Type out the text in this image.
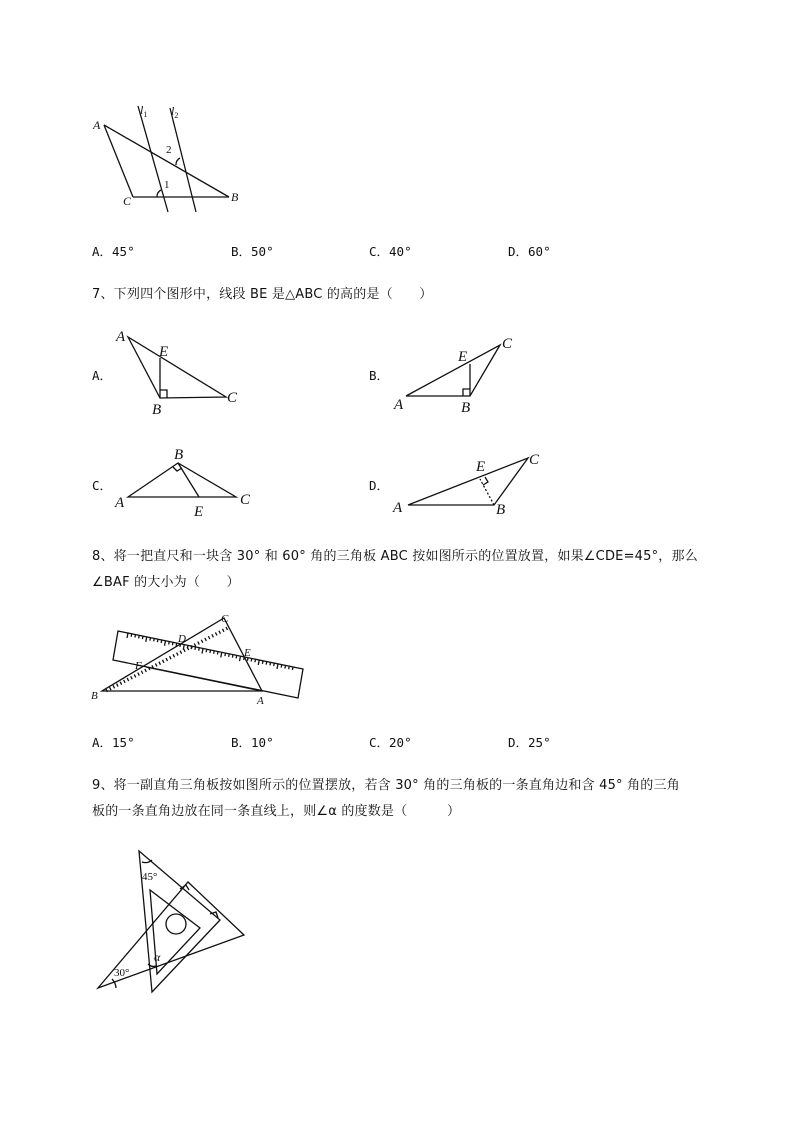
A
B
C
$l_1$ $l_2$
1
2
A．45°	B．50°	C．40°	D．60°
7、下列四个图形中，线段 BE 是△ABC 的高的是（　　）
A．
A
E
B
C
B．
A
E
B
C
C．
A
B
C
E
D．
A
E
B
C
8、将一把直尺和一块含 30° 和 60° 角的三角板 ABC 按如图所示的位置放置，如果∠CDE=45°，那么
∠BAF 的大小为（　　）
B	A
C
D
E
F
A．15°	B．10°	C．20°	D．25°
9、将一副直角三角板按如图所示的位置摆放，若含 30° 角的三角板的一条直角边和含 45° 角的三角
板的一条直角边放在同一条直线上，则∠α 的度数是（　　　）
45°
30°
α
